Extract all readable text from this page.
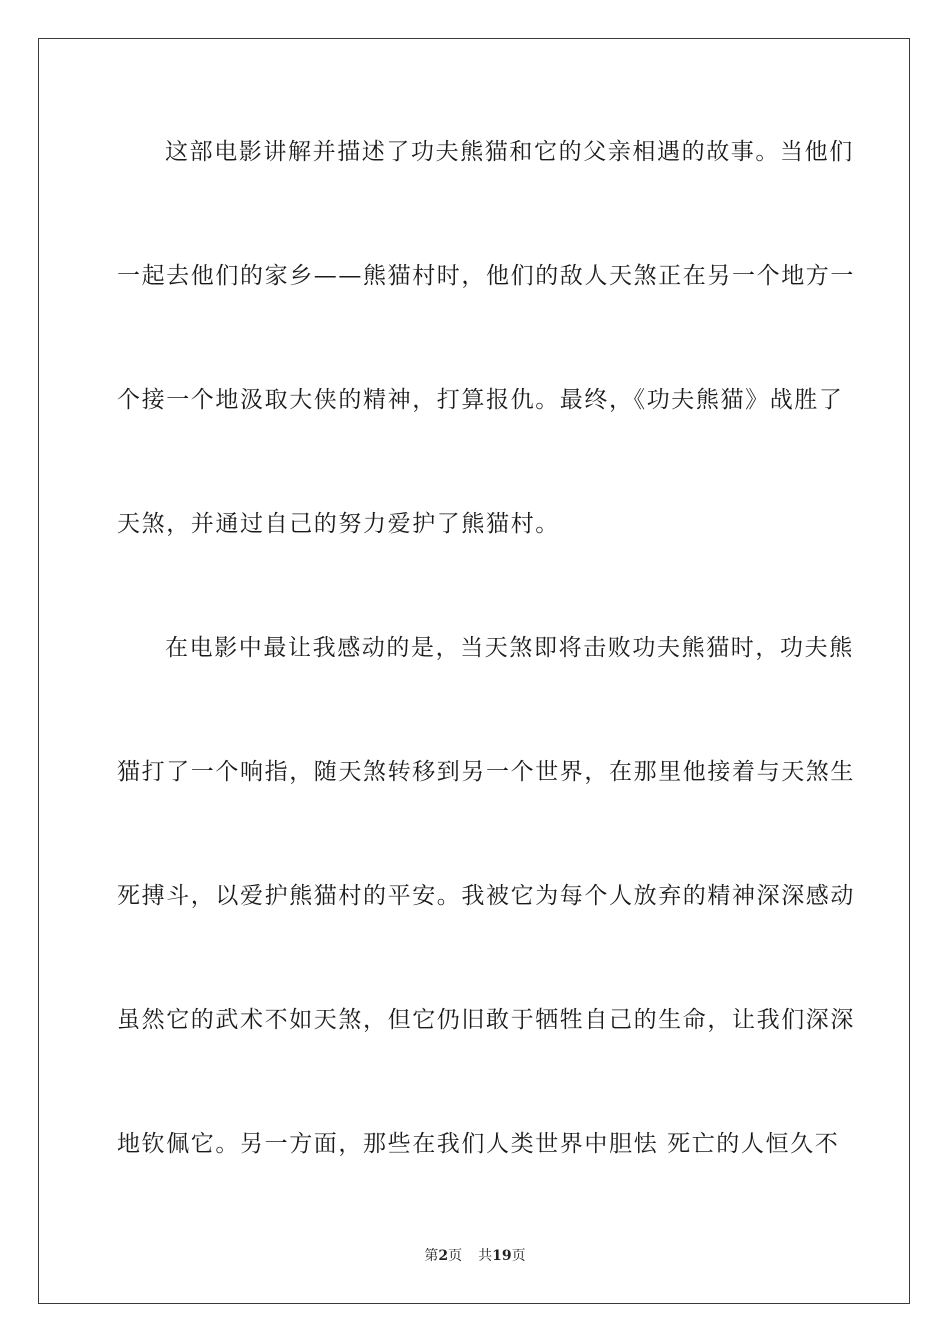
这部电影讲解并描述了功夫熊猫和它的父亲相遇的故事。当他们
一起去他们的家乡——熊猫村时，他们的敌人天煞正在另一个地方一
个接一个地汲取大侠的精神，打算报仇。最终，《功夫熊猫》战胜了
天煞，并通过自己的努力爱护了熊猫村。
在电影中最让我感动的是，当天煞即将击败功夫熊猫时，功夫熊
猫打了一个响指，随天煞转移到另一个世界，在那里他接着与天煞生
死搏斗，以爱护熊猫村的平安。我被它为每个人放弃的精神深深感动
虽然它的武术不如天煞，但它仍旧敢于牺牲自己的生命，让我们深深
地钦佩它。另一方面，那些在我们人类世界中胆怯 死亡的人恒久不
第2页 共19页
